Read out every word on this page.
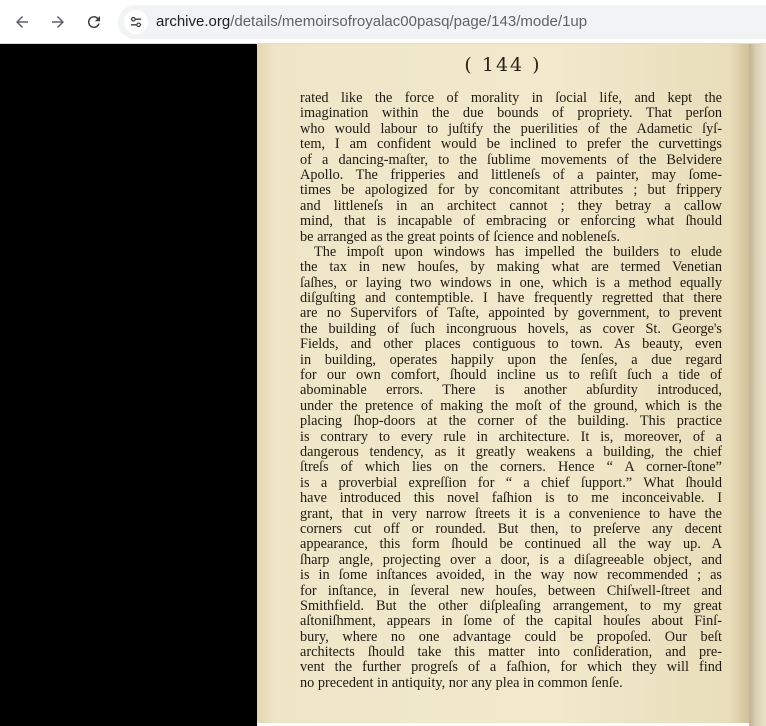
archive.org/details/memoirsofroyalac00pasq/page/143/mode/1up
( 144 )
rated like the force of morality in ſocial life, and kept the
imagination within the due bounds of propriety. That perſon
who would labour to juſtify the puerilities of the Adametic ſyſ-
tem, I am confident would be inclined to prefer the curvettings
of a dancing-maſter, to the ſublime movements of the Belvidere
Apollo. The fripperies and littleneſs of a painter, may ſome-
times be apologized for by concomitant attributes ; but frippery
and littleneſs in an architect cannot ; they betray a callow
mind, that is incapable of embracing or enforcing what ſhould
be arranged as the great points of ſcience and nobleneſs.
The impoſt upon windows has impelled the builders to elude
the tax in new houſes, by making what are termed Venetian
ſaſhes, or laying two windows in one, which is a method equally
diſguſting and contemptible. I have frequently regretted that there
are no Supervifors of Taſte, appointed by government, to prevent
the building of ſuch incongruous hovels, as cover St. George's
Fields, and other places contiguous to town. As beauty, even
in building, operates happily upon the ſenſes, a due regard
for our own comfort, ſhould incline us to reſiſt ſuch a tide of
abominable errors. There is another abſurdity introduced,
under the pretence of making the moſt of the ground, which is the
placing ſhop-doors at the corner of the building. This practice
is contrary to every rule in architecture. It is, moreover, of a
dangerous tendency, as it greatly weakens a building, the chief
ſtreſs of which lies on the corners. Hence “ A corner-ſtone”
is a proverbial expreſſion for “ a chief ſupport.” What ſhould
have introduced this novel faſhion is to me inconceivable. I
grant, that in very narrow ſtreets it is a convenience to have the
corners cut off or rounded. But then, to preſerve any decent
appearance, this form ſhould be continued all the way up. A
ſharp angle, projecting over a door, is a diſagreeable object, and
is in ſome inſtances avoided, in the way now recommended ; as
for inſtance, in ſeveral new houſes, between Chiſwell-ſtreet and
Smithfield. But the other diſpleaſing arrangement, to my great
aſtoniſhment, appears in ſome of the capital houſes about Finſ-
bury, where no one advantage could be propoſed. Our beſt
architects ſhould take this matter into conſideration, and pre-
vent the further progreſs of a faſhion, for which they will find
no precedent in antiquity, nor any plea in common ſenſe.
